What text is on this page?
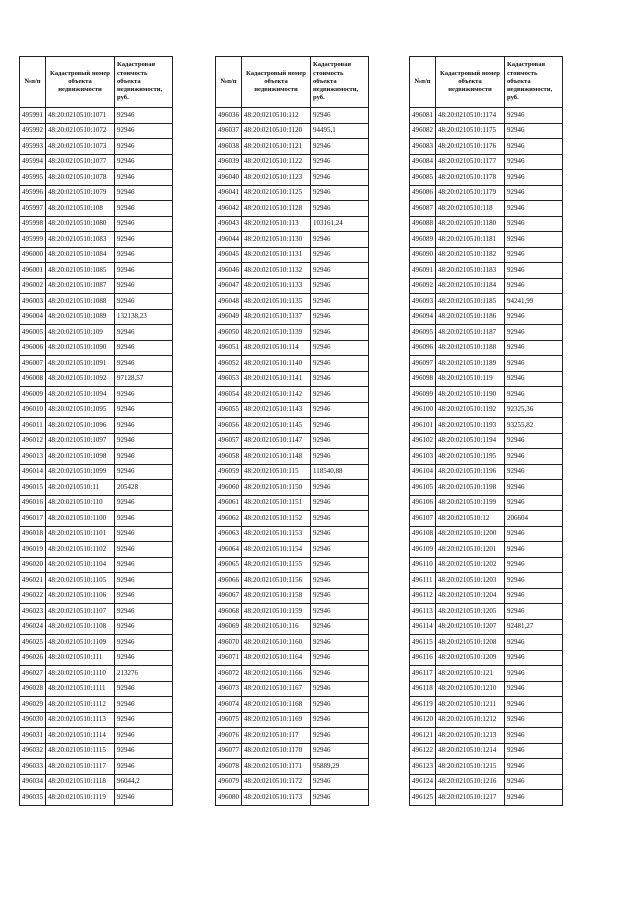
№п/п	Кадастровый номер объекта недвижимости	Кадастровая стоимость объекта недвижимости, руб.
495991	48:20:0210510:1071	92946
495992	48:20:0210510:1072	92946
495993	48:20:0210510:1073	92946
495994	48:20:0210510:1077	92946
495995	48:20:0210510:1078	92946
495996	48:20:0210510:1079	92946
495997	48:20:0210510:108	92946
495998	48:20:0210510:1080	92946
495999	48:20:0210510:1083	92946
496000	48:20:0210510:1084	92946
496001	48:20:0210510:1085	92946
496002	48:20:0210510:1087	92946
496003	48:20:0210510:1088	92946
496004	48:20:0210510:1089	132138,23
496005	48:20:0210510:109	92946
496006	48:20:0210510:1090	92946
496007	48:20:0210510:1091	92946
496008	48:20:0210510:1092	97128,57
496009	48:20:0210510:1094	92946
496010	48:20:0210510:1095	92946
496011	48:20:0210510:1096	92946
496012	48:20:0210510:1097	92946
496013	48:20:0210510:1098	92946
496014	48:20:0210510:1099	92946
496015	48:20:0210510:11	205428
496016	48:20:0210510:110	92946
496017	48:20:0210510:1100	92946
496018	48:20:0210510:1101	92946
496019	48:20:0210510:1102	92946
496020	48:20:0210510:1104	92946
496021	48:20:0210510:1105	92946
496022	48:20:0210510:1106	92946
496023	48:20:0210510:1107	92946
496024	48:20:0210510:1108	92946
496025	48:20:0210510:1109	92946
496026	48:20:0210510:111	92946
496027	48:20:0210510:1110	213276
496028	48:20:0210510:1111	92946
496029	48:20:0210510:1112	92946
496030	48:20:0210510:1113	92946
496031	48:20:0210510:1114	92946
496032	48:20:0210510:1115	92946
496033	48:20:0210510:1117	92946
496034	48:20:0210510:1118	96044,2
496035	48:20:0210510:1119	92946
№п/п	Кадастровый номер объекта недвижимости	Кадастровая стоимость объекта недвижимости, руб.
496036	48:20:0210510:112	92946
496037	48:20:0210510:1120	94495,1
496038	48:20:0210510:1121	92946
496039	48:20:0210510:1122	92946
496040	48:20:0210510:1123	92946
496041	48:20:0210510:1125	92946
496042	48:20:0210510:1128	92946
496043	48:20:0210510:113	103161,24
496044	48:20:0210510:1130	92946
496045	48:20:0210510:1131	92946
496046	48:20:0210510:1132	92946
496047	48:20:0210510:1133	92946
496048	48:20:0210510:1135	92946
496049	48:20:0210510:1137	92946
496050	48:20:0210510:1139	92946
496051	48:20:0210510:114	92946
496052	48:20:0210510:1140	92946
496053	48:20:0210510:1141	92946
496054	48:20:0210510:1142	92946
496055	48:20:0210510:1143	92946
496056	48:20:0210510:1145	92946
496057	48:20:0210510:1147	92946
496058	48:20:0210510:1148	92946
496059	48:20:0210510:115	118540,88
496060	48:20:0210510:1150	92946
496061	48:20:0210510:1151	92946
496062	48:20:0210510:1152	92946
496063	48:20:0210510:1153	92946
496064	48:20:0210510:1154	92946
496065	48:20:0210510:1155	92946
496066	48:20:0210510:1156	92946
496067	48:20:0210510:1158	92946
496068	48:20:0210510:1159	92946
496069	48:20:0210510:116	92946
496070	48:20:0210510:1160	92946
496071	48:20:0210510:1164	92946
496072	48:20:0210510:1166	92946
496073	48:20:0210510:1167	92946
496074	48:20:0210510:1168	92946
496075	48:20:0210510:1169	92946
496076	48:20:0210510:117	92946
496077	48:20:0210510:1170	92946
496078	48:20:0210510:1171	95889,29
496079	48:20:0210510:1172	92946
496080	48:20:0210510:1173	92946
№п/п	Кадастровый номер объекта недвижимости	Кадастровая стоимость объекта недвижимости, руб.
496081	48:20:0210510:1174	92946
496082	48:20:0210510:1175	92946
496083	48:20:0210510:1176	92946
496084	48:20:0210510:1177	92946
496085	48:20:0210510:1178	92946
496086	48:20:0210510:1179	92946
496087	48:20:0210510:118	92946
496088	48:20:0210510:1180	92946
496089	48:20:0210510:1181	92946
496090	48:20:0210510:1182	92946
496091	48:20:0210510:1183	92946
496092	48:20:0210510:1184	92946
496093	48:20:0210510:1185	94241,99
496094	48:20:0210510:1186	92946
496095	48:20:0210510:1187	92946
496096	48:20:0210510:1188	92946
496097	48:20:0210510:1189	92946
496098	48:20:0210510:119	92946
496099	48:20:0210510:1190	92946
496100	48:20:0210510:1192	92325,36
496101	48:20:0210510:1193	93255,82
496102	48:20:0210510:1194	92946
496103	48:20:0210510:1195	92946
496104	48:20:0210510:1196	92946
496105	48:20:0210510:1198	92946
496106	48:20:0210510:1199	92946
496107	48:20:0210510:12	206604
496108	48:20:0210510:1200	92946
496109	48:20:0210510:1201	92946
496110	48:20:0210510:1202	92946
496111	48:20:0210510:1203	92946
496112	48:20:0210510:1204	92946
496113	48:20:0210510:1205	92946
496114	48:20:0210510:1207	92481,27
496115	48:20:0210510:1208	92946
496116	48:20:0210510:1209	92946
496117	48:20:0210510:121	92946
496118	48:20:0210510:1210	92946
496119	48:20:0210510:1211	92946
496120	48:20:0210510:1212	92946
496121	48:20:0210510:1213	92946
496122	48:20:0210510:1214	92946
496123	48:20:0210510:1215	92946
496124	48:20:0210510:1216	92946
496125	48:20:0210510:1217	92946
